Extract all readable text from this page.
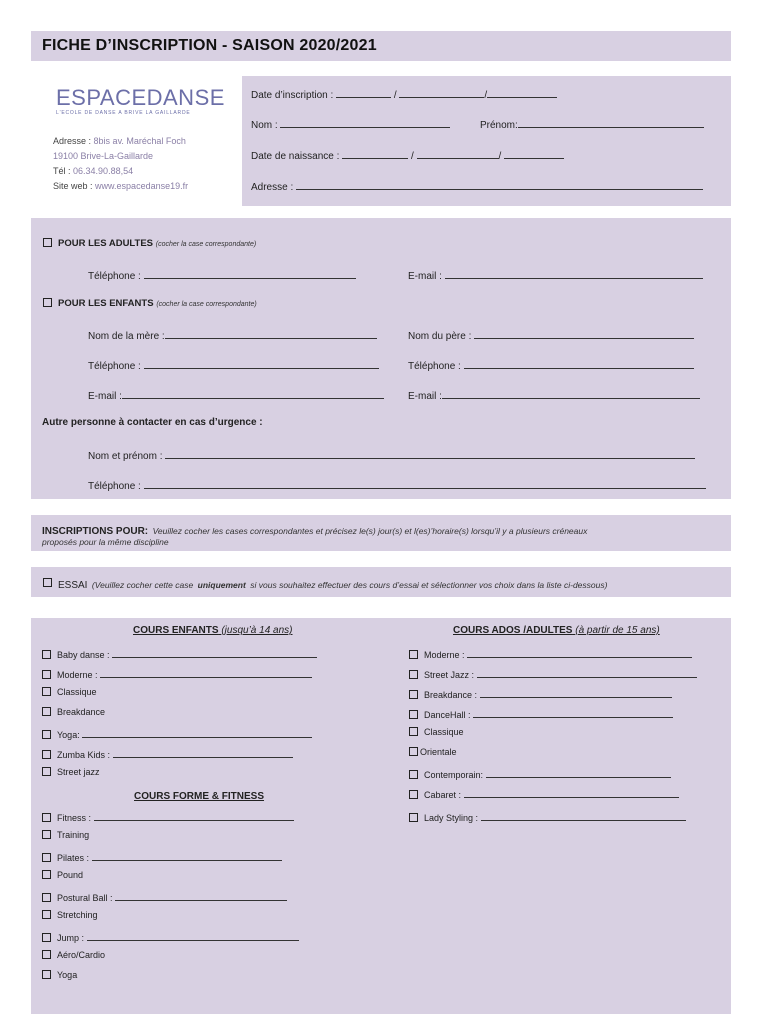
FICHE D’INSCRIPTION - SAISON 2020/2021
ESPACEDANSE
L'ECOLE DE DANSE A BRIVE LA GAILLARDE
Adresse : 8bis av. Maréchal Foch
19100 Brive-La-Gaillarde
Tél : 06.34.90.88,54
Site web : www.espacedanse19.fr
Date d’inscription :	/	/
Nom :	Prénom:
Date de naissance :	/	/
Adresse :
POUR LES ADULTES (cocher la case correspondante)
Téléphone :	E-mail :
POUR LES ENFANTS (cocher la case correspondante)
Nom de la mère :	Nom du père :
Téléphone :	Téléphone :
E-mail :	E-mail :
Autre personne à contacter en cas d’urgence :
Nom et prénom :
Téléphone :
INSCRIPTIONS POUR: Veuillez cocher les cases correspondantes et précisez le(s) jour(s) et l(es)’horaire(s) lorsqu’il y a plusieurs créneaux
proposés pour la même discipline
ESSAI (Veuillez cocher cette case uniquement si vous souhaitez effectuer des cours d’essai et sélectionner vos choix dans la liste ci-dessous)
COURS ENFANTS (jusqu’à 14 ans)	COURS ADOS /ADULTES (à partir de 15 ans)
Baby danse :
Moderne :
Classique
Breakdance
Yoga:
Zumba Kids :
Street jazz
COURS FORME & FITNESS
Fitness :
Training
Pilates :
Pound
Postural Ball :
Stretching
Jump :
Aéro/Cardio
Yoga
Moderne :
Street Jazz :
Breakdance :
DanceHall :
Classique
Orientale
Contemporain:
Cabaret :
Lady Styling :
